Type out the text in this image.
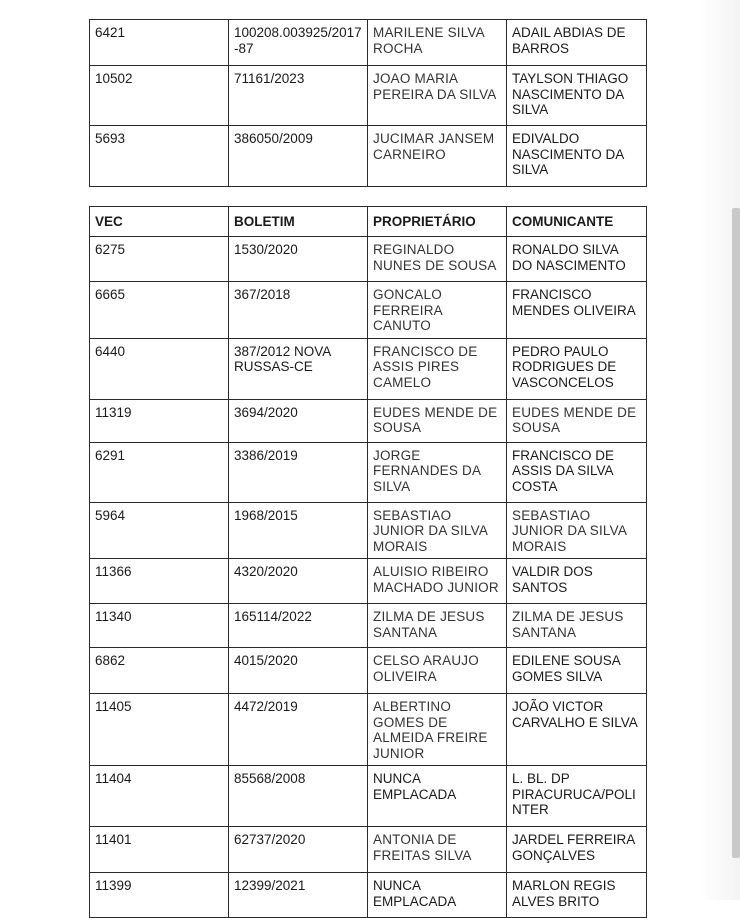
6421	100208.003925/2017-87	MARILENE SILVA ROCHA	ADAIL ABDIAS DE BARROS
10502	71161/2023	JOAO MARIA PEREIRA DA SILVA	TAYLSON THIAGO NASCIMENTO DA SILVA
5693	386050/2009	JUCIMAR JANSEM CARNEIRO	EDIVALDO NASCIMENTO DA SILVA
VEC	BOLETIM	PROPRIETÁRIO	COMUNICANTE
6275	1530/2020	REGINALDO NUNES DE SOUSA	RONALDO SILVA DO NASCIMENTO
6665	367/2018	GONCALO FERREIRA CANUTO	FRANCISCO MENDES OLIVEIRA
6440	387/2012 NOVA RUSSAS-CE	FRANCISCO DE ASSIS PIRES CAMELO	PEDRO PAULO RODRIGUES DE VASCONCELOS
11319	3694/2020	EUDES MENDE DE SOUSA	EUDES MENDE DE SOUSA
6291	3386/2019	JORGE FERNANDES DA SILVA	FRANCISCO DE ASSIS DA SILVA COSTA
5964	1968/2015	SEBASTIAO JUNIOR DA SILVA MORAIS	SEBASTIAO JUNIOR DA SILVA MORAIS
11366	4320/2020	ALUISIO RIBEIRO MACHADO JUNIOR	VALDIR DOS SANTOS
11340	165114/2022	ZILMA DE JESUS SANTANA	ZILMA DE JESUS SANTANA
6862	4015/2020	CELSO ARAUJO OLIVEIRA	EDILENE SOUSA GOMES SILVA
11405	4472/2019	ALBERTINO GOMES DE ALMEIDA FREIRE JUNIOR	JOÃO VICTOR CARVALHO E SILVA
11404	85568/2008	NUNCA EMPLACADA	L. BL. DP PIRACURUCA/POLINTER
11401	62737/2020	ANTONIA DE FREITAS SILVA	JARDEL FERREIRA GONÇALVES
11399	12399/2021	NUNCA EMPLACADA	MARLON REGIS ALVES BRITO
